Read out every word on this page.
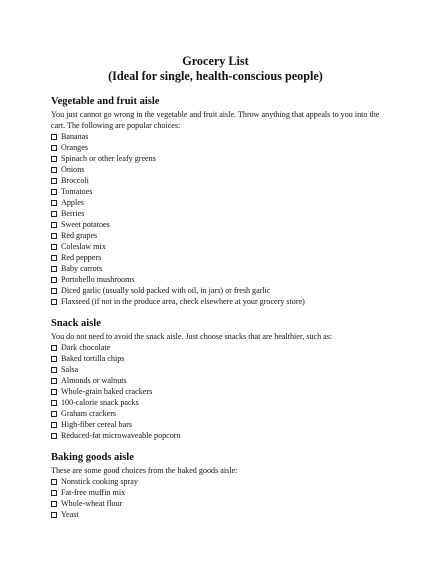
Grocery List
(Ideal for single, health-conscious people)
Vegetable and fruit aisle

You just cannot go wrong in the vegetable and fruit aisle. Throw anything that appeals to you into the cart. The following are popular choices:

Bananas
Oranges
Spinach or other leafy greens
Onions
Broccoli
Tomatoes
Apples
Berries
Sweet potatoes
Red grapes
Coleslaw mix
Red peppers
Baby carrots
Portobello mushrooms
Diced garlic (usually sold packed with oil, in jars) or fresh garlic
Flaxseed (if not in the produce area, check elsewhere at your grocery store)
Snack aisle

You do not need to avoid the snack aisle. Just choose snacks that are healthier, such as:

Dark chocolate
Baked tortilla chips
Salsa
Almonds or walnuts
Whole-grain baked crackers
100-calorie snack packs
Graham crackers
High-fiber cereal bars
Reduced-fat microwaveable popcorn
Baking goods aisle

These are some good choices from the baked goods aisle:

Nonstick cooking spray
Fat-free muffin mix
Whole-wheat flour
Yeast
